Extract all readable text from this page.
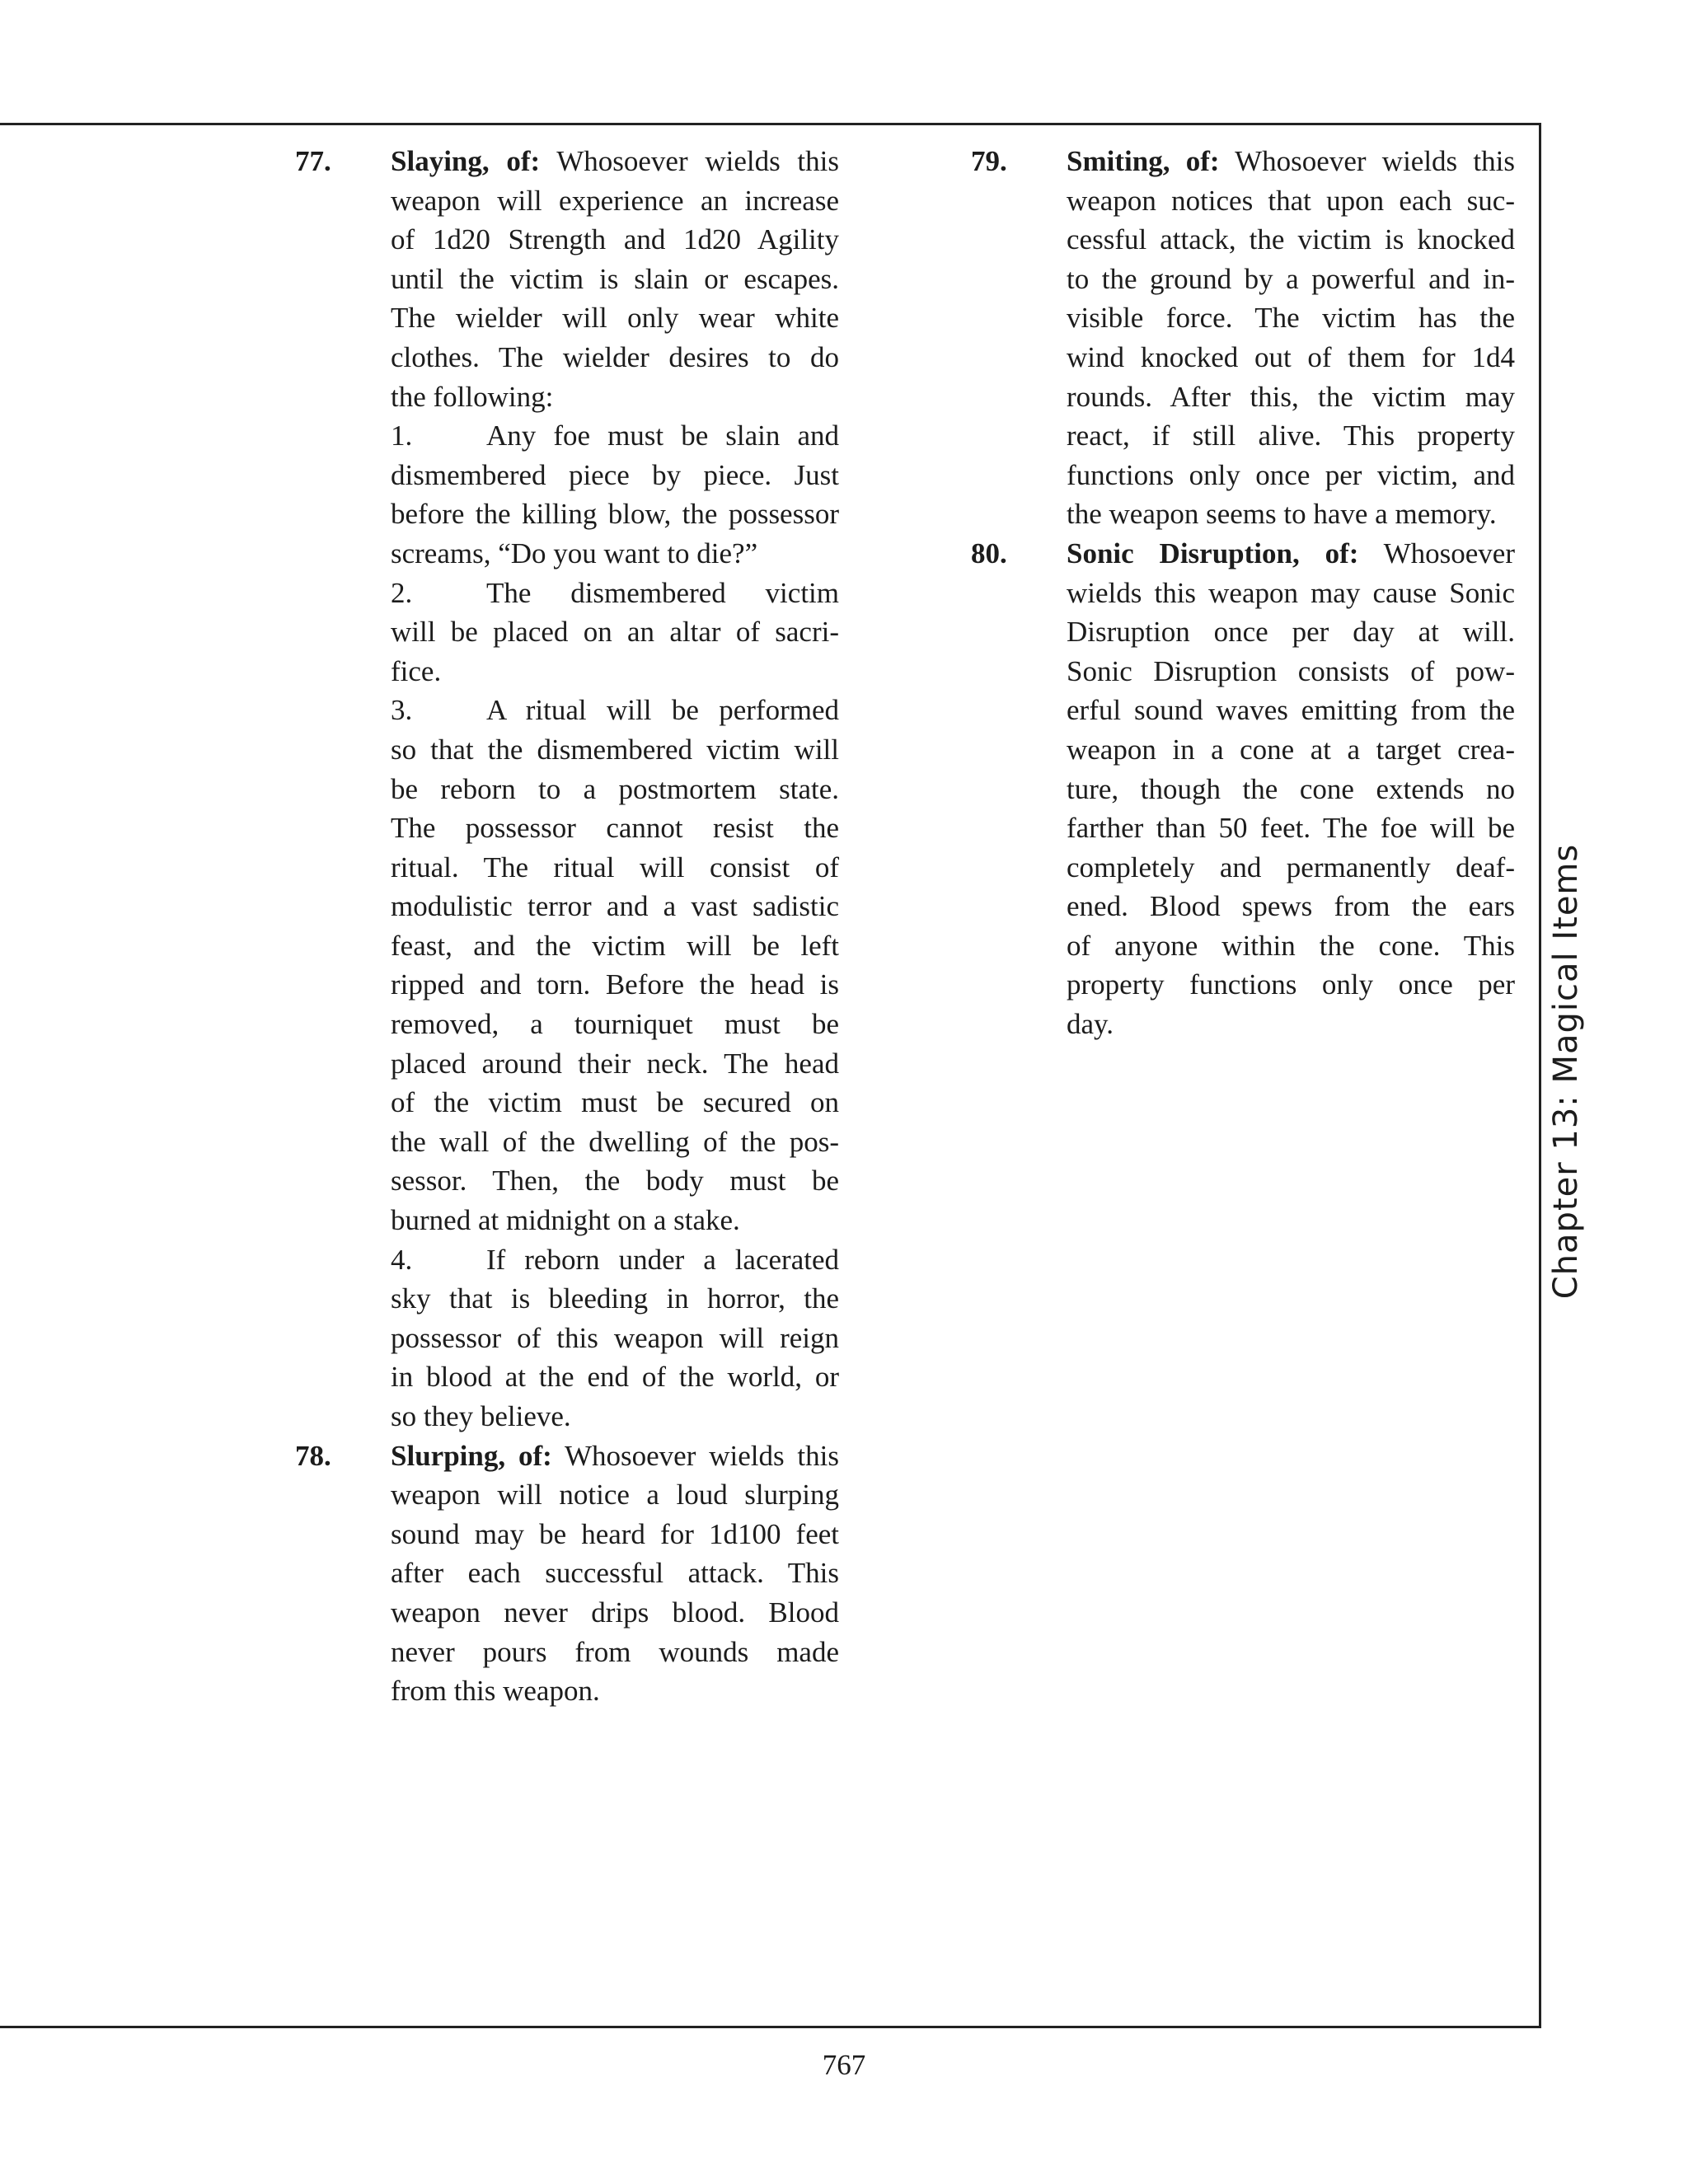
77.	Slaying, of: Whosoever wields this
weapon will experience an increase
of 1d20 Strength and 1d20 Agility
until the victim is slain or escapes.
The wielder will only wear white
clothes. The wielder desires to do
the following:
1.	Any foe must be slain and
dismembered piece by piece. Just
before the killing blow, the possessor
screams, “Do you want to die?”
2.	The dismembered victim
will be placed on an altar of sacri-
fice.
3.	A ritual will be performed
so that the dismembered victim will
be reborn to a postmortem state.
The possessor cannot resist the
ritual. The ritual will consist of
modulistic terror and a vast sadistic
feast, and the victim will be left
ripped and torn. Before the head is
removed, a tourniquet must be
placed around their neck. The head
of the victim must be secured on
the wall of the dwelling of the pos-
sessor. Then, the body must be
burned at midnight on a stake.
4.	If reborn under a lacerated
sky that is bleeding in horror, the
possessor of this weapon will reign
in blood at the end of the world, or
so they believe.
78.	Slurping, of: Whosoever wields this
weapon will notice a loud slurping
sound may be heard for 1d100 feet
after each successful attack. This
weapon never drips blood. Blood
never pours from wounds made
from this weapon.
79.	Smiting, of: Whosoever wields this
weapon notices that upon each suc-
cessful attack, the victim is knocked
to the ground by a powerful and in-
visible force. The victim has the
wind knocked out of them for 1d4
rounds. After this, the victim may
react, if still alive. This property
functions only once per victim, and
the weapon seems to have a memory.
80.	Sonic Disruption, of: Whosoever
wields this weapon may cause Sonic
Disruption once per day at will.
Sonic Disruption consists of pow-
erful sound waves emitting from the
weapon in a cone at a target crea-
ture, though the cone extends no
farther than 50 feet. The foe will be
completely and permanently deaf-
ened. Blood spews from the ears
of anyone within the cone. This
property functions only once per
day.	Chapter 13: Magical Items
767
